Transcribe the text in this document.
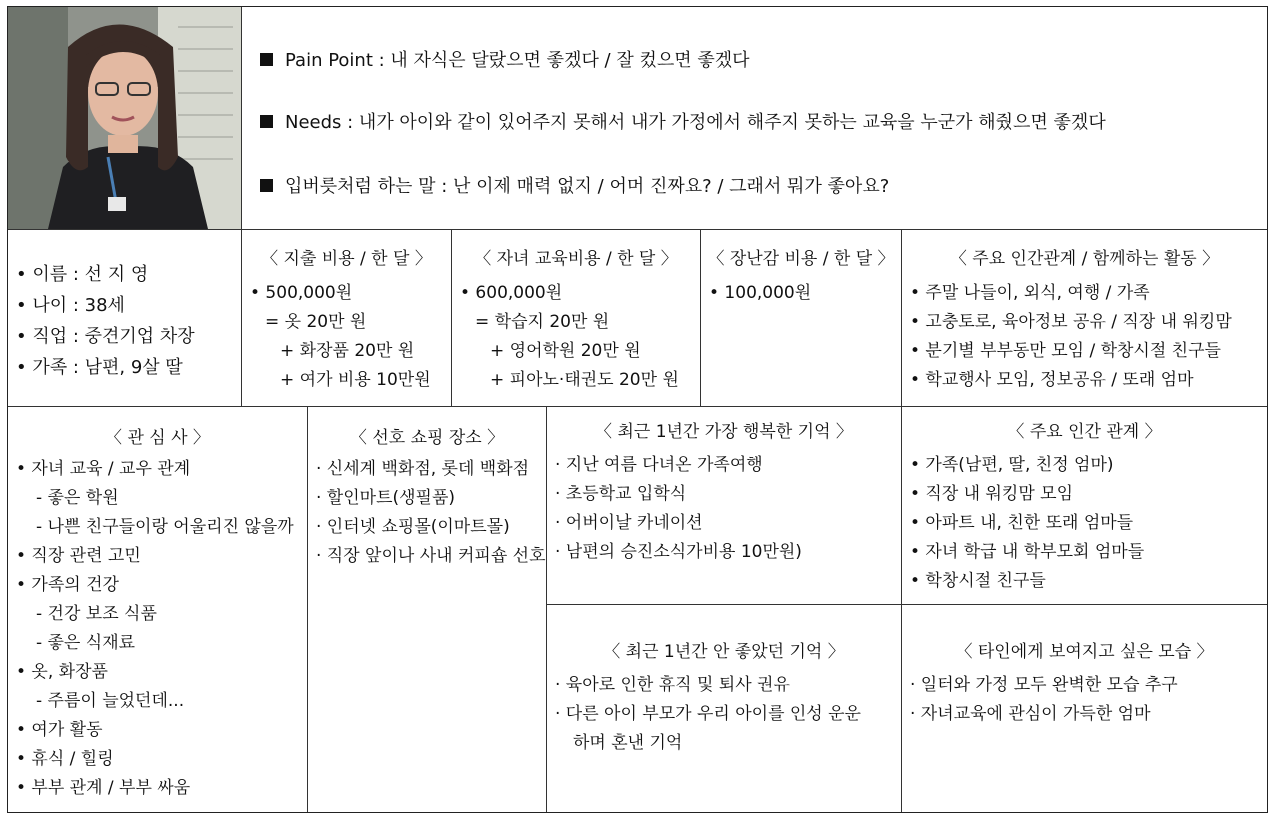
Pain Point : 내 자식은 달랐으면 좋겠다 / 잘 컸으면 좋겠다
Needs : 내가 아이와 같이 있어주지 못해서 내가 가정에서 해주지 못하는 교육을 누군가 해줬으면 좋겠다
입버릇처럼 하는 말 : 난 이제 매력 없지 / 어머 진짜요? / 그래서 뭐가 좋아요?
• 이름 : 선 지 영
• 나이 : 38세
• 직업 : 중견기업 차장
• 가족 : 남편, 9살 딸
〈 지출 비용 / 한 달 〉
• 500,000원
= 옷 20만 원
+ 화장품 20만 원
+ 여가 비용 10만원
〈 자녀 교육비용 / 한 달 〉
• 600,000원
= 학습지 20만 원
+ 영어학원 20만 원
+ 피아노·태권도 20만 원
〈 장난감 비용 / 한 달 〉
• 100,000원
〈 주요 인간관계 / 함께하는 활동 〉
• 주말 나들이, 외식, 여행 / 가족
• 고충토로, 육아정보 공유 / 직장 내 워킹맘
• 분기별 부부동만 모임 / 학창시절 친구들
• 학교행사 모임, 정보공유 / 또래 엄마
〈 관 심 사 〉
• 자녀 교육 / 교우 관계
- 좋은 학원
- 나쁜 친구들이랑 어울리진 않을까
• 직장 관련 고민
• 가족의 건강
- 건강 보조 식품
- 좋은 식재료
• 옷, 화장품
- 주름이 늘었던데...
• 여가 활동
• 휴식 / 힐링
• 부부 관계 / 부부 싸움
〈 선호 쇼핑 장소 〉
· 신세계 백화점, 롯데 백화점
· 할인마트(생필품)
· 인터넷 쇼핑몰(이마트몰)
· 직장 앞이나 사내 커피숍 선호
〈 최근 1년간 가장 행복한 기억 〉
· 지난 여름 다녀온 가족여행
· 초등학교 입학식
· 어버이날 카네이션
· 남편의 승진소식가비용 10만원)
〈 주요 인간 관계 〉
• 가족(남편, 딸, 친정 엄마)
• 직장 내 워킹맘 모임
• 아파트 내, 친한 또래 엄마들
• 자녀 학급 내 학부모회 엄마들
• 학창시절 친구들
〈 최근 1년간 안 좋았던 기억 〉
· 육아로 인한 휴직 및 퇴사 권유
· 다른 아이 부모가 우리 아이를 인성 운운
하며 혼낸 기억
〈 타인에게 보여지고 싶은 모습 〉
· 일터와 가정 모두 완벽한 모습 추구
· 자녀교육에 관심이 가득한 엄마
